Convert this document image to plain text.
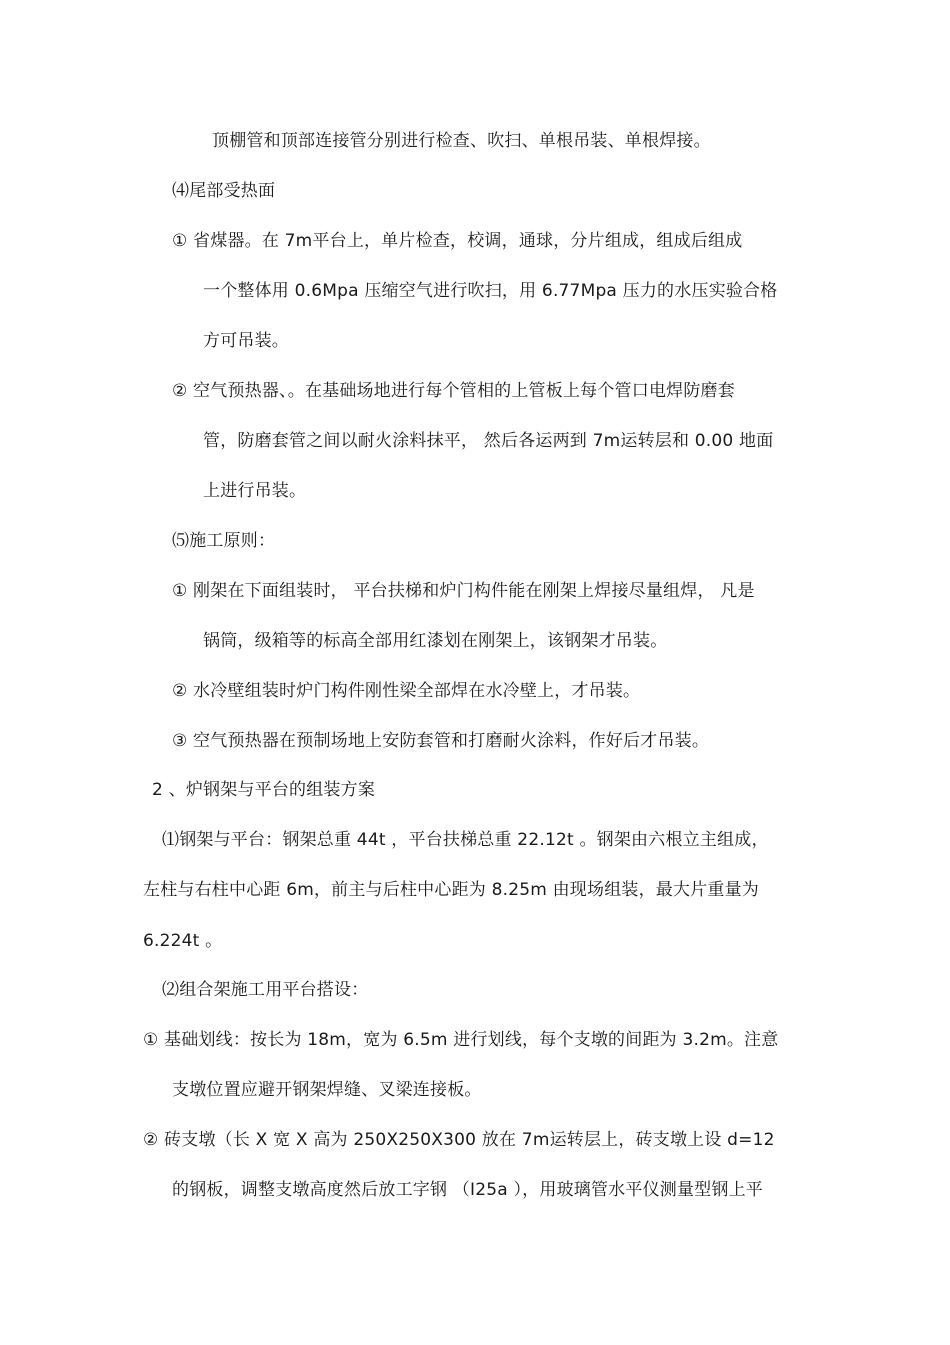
顶棚管和顶部连接管分别进行检查、吹扫、单根吊装、单根焊接。
⑷尾部受热面
① 省煤器。在 7m平台上，单片检查，校调，通球，分片组成，组成后组成
一个整体用 0.6Mpa 压缩空气进行吹扫，用 6.77Mpa 压力的水压实验合格
方可吊装。
② 空气预热器、。在基础场地进行每个管相的上管板上每个管口电焊防磨套
管，防磨套管之间以耐火涂料抹平， 然后各运两到 7m运转层和 0.00 地面
上进行吊装。
⑸施工原则：
① 刚架在下面组装时， 平台扶梯和炉门构件能在刚架上焊接尽量组焊， 凡是
锅筒，级箱等的标高全部用红漆划在刚架上，该钢架才吊装。
② 水冷壁组装时炉门构件刚性梁全部焊在水冷壁上，才吊装。
③ 空气预热器在预制场地上安防套管和打磨耐火涂料，作好后才吊装。
2 、炉钢架与平台的组装方案
⑴钢架与平台：钢架总重 44t ，平台扶梯总重 22.12t 。钢架由六根立主组成，
左柱与右柱中心距 6m，前主与后柱中心距为 8.25m 由现场组装，最大片重量为
6.224t 。
⑵组合架施工用平台搭设：
① 基础划线：按长为 18m，宽为 6.5m 进行划线，每个支墩的间距为 3.2m。注意
支墩位置应避开钢架焊缝、叉梁连接板。
② 砖支墩（长 X 宽 X 高为 250X250X300 放在 7m运转层上，砖支墩上设 d=12
的钢板，调整支墩高度然后放工字钢 （I25a ），用玻璃管水平仪测量型钢上平
